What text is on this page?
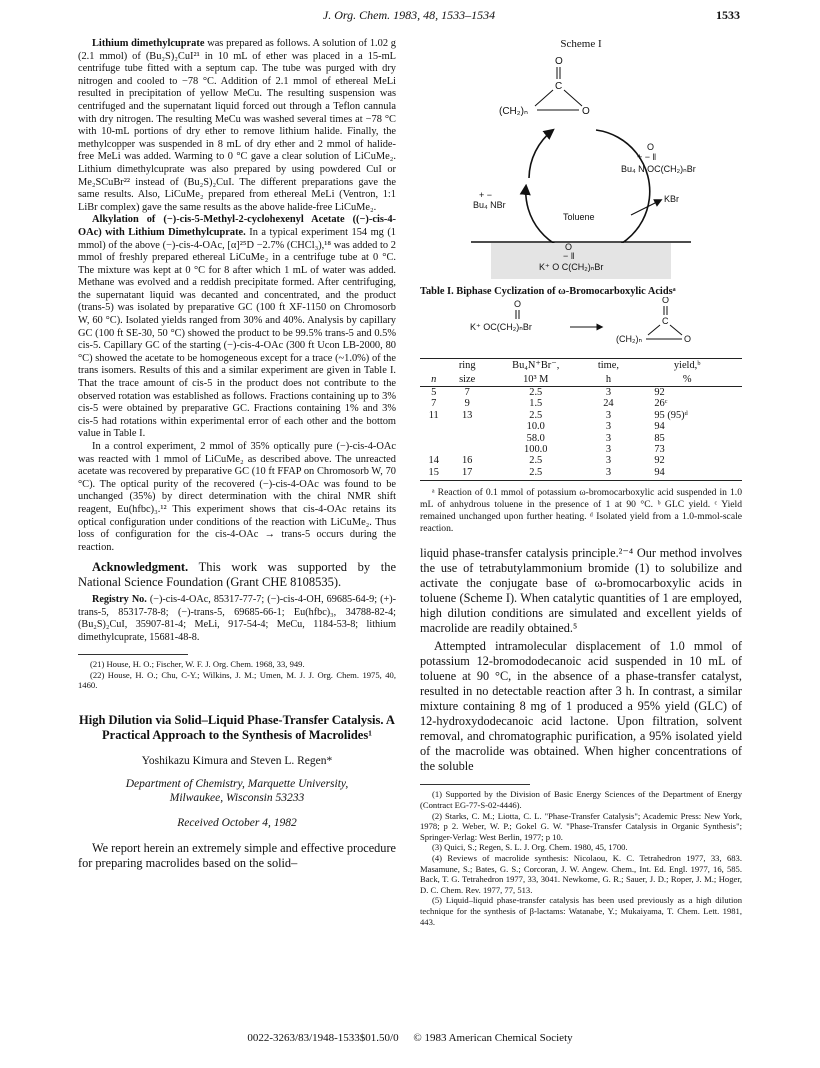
J. Org. Chem. 1983, 48, 1533–1534	1533

Lithium dimethylcuprate was prepared as follows. A solution of 1.02 g (2.1 mmol) of (Bu₂S)₂CuI²¹ in 10 mL of ether was placed in a 15-mL centrifuge tube fitted with a septum cap. The tube was purged with dry nitrogen and cooled to −78 °C. Addition of 2.1 mmol of ethereal MeLi resulted in precipitation of yellow MeCu. The resulting suspension was centrifuged and the supernatant liquid forced out through a Teflon cannula with dry nitrogen. The resulting MeCu was washed several times at −78 °C with 10-mL portions of dry ether to remove lithium halide. Finally, the methylcopper was suspended in 8 mL of dry ether and 2 mmol of halide-free MeLi was added. Warming to 0 °C gave a clear solution of LiCuMe₂. Lithium dimethylcuprate was also prepared by using powdered CuI or Me₂SCuBr²² instead of (Bu₂S)₂CuI. The different preparations gave the same results. Also, LiCuMe₂ prepared from ethereal MeLi (Ventron, 1:1 LiBr complex) gave the same results as the above halide-free LiCuMe₂.

Alkylation of (−)-cis-5-Methyl-2-cyclohexenyl Acetate ((−)-cis-4-OAc) with Lithium Dimethylcuprate. In a typical experiment 154 mg (1 mmol) of the above (−)-cis-4-OAc, [α]²⁵D −2.7% (CHCl₃),¹⁸ was added to 2 mmol of freshly prepared ethereal LiCuMe₂ in a centrifuge tube at 0 °C. The mixture was kept at 0 °C for 8 after which 1 mL of water was added. Methane was evolved and a reddish precipitate formed. After centrifuging, the supernatant liquid was decanted and concentrated, and the product (trans-5) was isolated by preparative GC (100 ft XF-1150 on Chromosorb W, 60 °C). Isolated yields ranged from 30% and 40%. Analysis by capillary GC (100 ft SE-30, 50 °C) showed the product to be 99.5% trans-5 and 0.5% cis-5. Capillary GC of the starting (−)-cis-4-OAc (300 ft Ucon LB-2000, 80 °C) showed the acetate to be homogeneous except for a trace (~1.0%) of the trans isomers. Results of this and a similar experiment are given in Table I. That the trace amount of cis-5 in the product does not contribute to the observed rotation was established as follows. Fractions containing up to 3% cis-5 were obtained by preparative GC. Fractions containing 1% and 3% cis-5 had rotations within experimental error of each other and the bottom value in Table I.

In a control experiment, 2 mmol of 35% optically pure (−)-cis-4-OAc was reacted with 1 mmol of LiCuMe₂ as described above. The unreacted acetate was recovered by preparative GC (10 ft FFAP on Chromosorb W, 70 °C). The optical purity of the recovered (−)-cis-4-OAc was found to be unchanged (35%) by direct determination with the chiral NMR shift reagent, Eu(hfbc)₃.¹² This experiment shows that cis-4-OAc retains its optical configuration under conditions of the reaction with LiCuMe₂. Thus loss of configuration for the cis-4-OAc → trans-5 occurs during the reaction.

Acknowledgment. This work was supported by the National Science Foundation (Grant CHE 8108535).

Registry No. (−)-cis-4-OAc, 85317-77-7; (−)-cis-4-OH, 69685-64-9; (+)-trans-5, 85317-78-8; (−)-trans-5, 69685-66-1; Eu(hfbc)₃, 34788-82-4; (Bu₂S)₂CuI, 35907-81-4; MeLi, 917-54-4; MeCu, 1184-53-8; lithium dimethylcuprate, 15681-48-8.

(21) House, H. O.; Fischer, W. F. J. Org. Chem. 1968, 33, 949.

(22) House, H. O.; Chu, C-Y.; Wilkins, J. M.; Umen, M. J. J. Org. Chem. 1975, 40, 1460.

High Dilution via Solid–Liquid Phase-Transfer Catalysis. A Practical Approach to the Synthesis of Macrolides¹
Yoshikazu Kimura and Steven L. Regen*
Department of Chemistry, Marquette University,
Milwaukee, Wisconsin 53233
Received October 4, 1982

We report herein an extremely simple and effective procedure for preparing macrolides based on the solid–

Scheme I
O
C
(CH₂)ₙ	O
O
+ − ‖
Bu₄ N OC(CH₂)ₙBr
+ −
Bu₄ NBr
KBr
Toluene
O
− ‖
K⁺ O C(CH₂)ₙBr
Table I. Biphase Cyclization of ω-Bromocarboxylic Acidsᵃ
O
K⁺ OC(CH₂)ₙBr
O
C
(CH₂)ₙ	O
	ring	Bu₄N⁺Br⁻,	time,	yield,ᵇ
n	size	10³ M	h	%
5	7	2.5	3	92
7	9	1.5	24	26ᶜ
11	13	2.5	3	95 (95)ᵈ
		10.0	3	94
		58.0	3	85
		100.0	3	73
14	16	2.5	3	92
15	17	2.5	3	94

ᵃ Reaction of 0.1 mmol of potassium ω-bromocarboxylic acid suspended in 1.0 mL of anhydrous toluene in the presence of 1 at 90 °C. ᵇ GLC yield. ᶜ Yield remained unchanged upon further heating. ᵈ Isolated yield from a 1.0-mmol-scale reaction.

liquid phase-transfer catalysis principle.²⁻⁴ Our method involves the use of tetrabutylammonium bromide (1) to solubilize and activate the conjugate base of ω-bromocarboxylic acids in toluene (Scheme I). When catalytic quantities of 1 are employed, high dilution conditions are simulated and excellent yields of macrolide are readily obtained.⁵

Attempted intramolecular displacement of 1.0 mmol of potassium 12-bromododecanoic acid suspended in 10 mL of toluene at 90 °C, in the absence of a phase-transfer catalyst, resulted in no detectable reaction after 3 h. In contrast, a similar mixture containing 8 mg of 1 produced a 95% yield (GLC) of 12-hydroxydodecanoic acid lactone. Upon filtration, solvent removal, and chromatographic purification, a 95% isolated yield of the macrolide was obtained. When higher concentrations of the soluble

(1) Supported by the Division of Basic Energy Sciences of the Department of Energy (Contract EG-77-S-02-4446).

(2) Starks, C. M.; Liotta, C. L. "Phase-Transfer Catalysis"; Academic Press: New York, 1978; p 2. Weber, W. P.; Gokel G. W. "Phase-Transfer Catalysis in Organic Synthesis"; Springer-Verlag: West Berlin, 1977; p 10.

(3) Quici, S.; Regen, S. L. J. Org. Chem. 1980, 45, 1700.

(4) Reviews of macrolide synthesis: Nicolaou, K. C. Tetrahedron 1977, 33, 683. Masamune, S.; Bates, G. S.; Corcoran, J. W. Angew. Chem., Int. Ed. Engl. 1977, 16, 585. Back, T. G. Tetrahedron 1977, 33, 3041. Newkome, G. R.; Sauer, J. D.; Roper, J. M.; Hoger, D. C. Chem. Rev. 1977, 77, 513.

(5) Liquid–liquid phase-transfer catalysis has been used previously as a high dilution technique for the synthesis of β-lactams: Watanabe, Y.; Mukaiyama, T. Chem. Lett. 1981, 443.

0022-3263/83/1948-1533$01.50/0 © 1983 American Chemical Society
